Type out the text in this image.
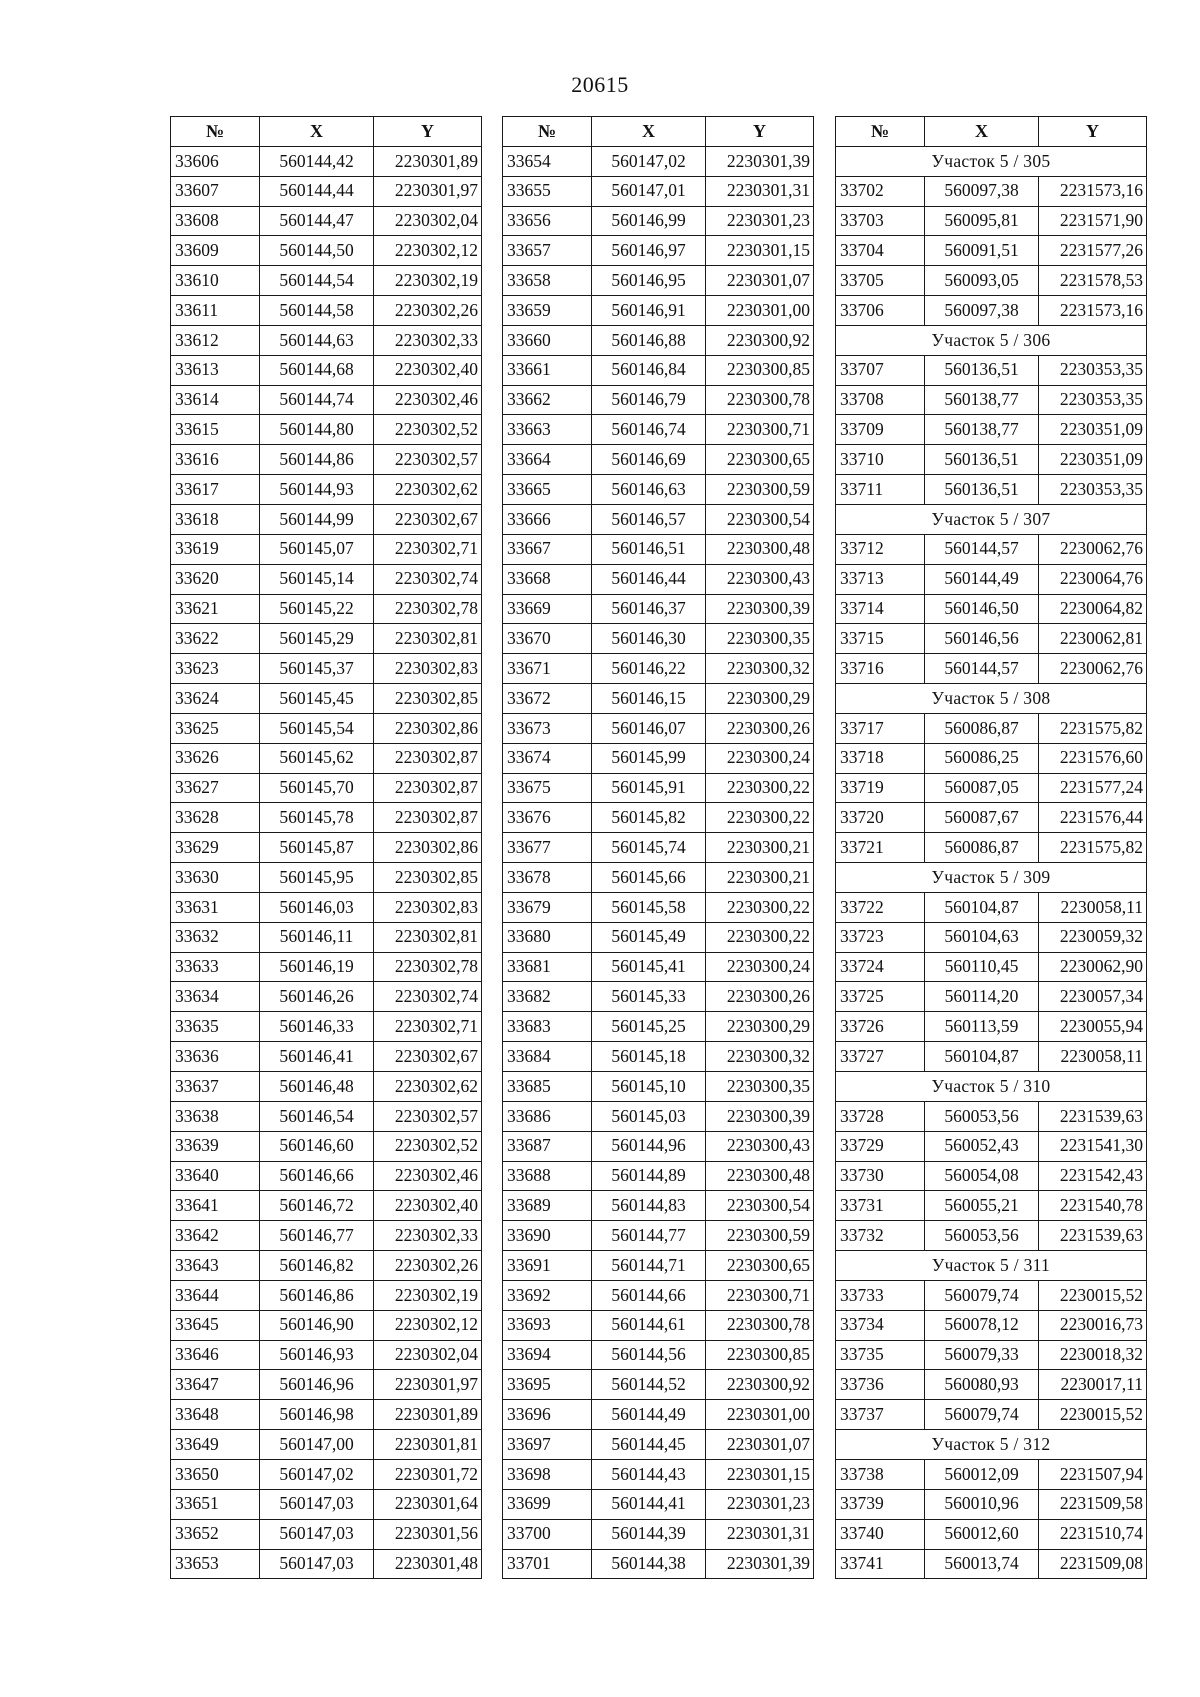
20615
№	X	Y
33606	560144,42	2230301,89
33607	560144,44	2230301,97
33608	560144,47	2230302,04
33609	560144,50	2230302,12
33610	560144,54	2230302,19
33611	560144,58	2230302,26
33612	560144,63	2230302,33
33613	560144,68	2230302,40
33614	560144,74	2230302,46
33615	560144,80	2230302,52
33616	560144,86	2230302,57
33617	560144,93	2230302,62
33618	560144,99	2230302,67
33619	560145,07	2230302,71
33620	560145,14	2230302,74
33621	560145,22	2230302,78
33622	560145,29	2230302,81
33623	560145,37	2230302,83
33624	560145,45	2230302,85
33625	560145,54	2230302,86
33626	560145,62	2230302,87
33627	560145,70	2230302,87
33628	560145,78	2230302,87
33629	560145,87	2230302,86
33630	560145,95	2230302,85
33631	560146,03	2230302,83
33632	560146,11	2230302,81
33633	560146,19	2230302,78
33634	560146,26	2230302,74
33635	560146,33	2230302,71
33636	560146,41	2230302,67
33637	560146,48	2230302,62
33638	560146,54	2230302,57
33639	560146,60	2230302,52
33640	560146,66	2230302,46
33641	560146,72	2230302,40
33642	560146,77	2230302,33
33643	560146,82	2230302,26
33644	560146,86	2230302,19
33645	560146,90	2230302,12
33646	560146,93	2230302,04
33647	560146,96	2230301,97
33648	560146,98	2230301,89
33649	560147,00	2230301,81
33650	560147,02	2230301,72
33651	560147,03	2230301,64
33652	560147,03	2230301,56
33653	560147,03	2230301,48
№	X	Y
33654	560147,02	2230301,39
33655	560147,01	2230301,31
33656	560146,99	2230301,23
33657	560146,97	2230301,15
33658	560146,95	2230301,07
33659	560146,91	2230301,00
33660	560146,88	2230300,92
33661	560146,84	2230300,85
33662	560146,79	2230300,78
33663	560146,74	2230300,71
33664	560146,69	2230300,65
33665	560146,63	2230300,59
33666	560146,57	2230300,54
33667	560146,51	2230300,48
33668	560146,44	2230300,43
33669	560146,37	2230300,39
33670	560146,30	2230300,35
33671	560146,22	2230300,32
33672	560146,15	2230300,29
33673	560146,07	2230300,26
33674	560145,99	2230300,24
33675	560145,91	2230300,22
33676	560145,82	2230300,22
33677	560145,74	2230300,21
33678	560145,66	2230300,21
33679	560145,58	2230300,22
33680	560145,49	2230300,22
33681	560145,41	2230300,24
33682	560145,33	2230300,26
33683	560145,25	2230300,29
33684	560145,18	2230300,32
33685	560145,10	2230300,35
33686	560145,03	2230300,39
33687	560144,96	2230300,43
33688	560144,89	2230300,48
33689	560144,83	2230300,54
33690	560144,77	2230300,59
33691	560144,71	2230300,65
33692	560144,66	2230300,71
33693	560144,61	2230300,78
33694	560144,56	2230300,85
33695	560144,52	2230300,92
33696	560144,49	2230301,00
33697	560144,45	2230301,07
33698	560144,43	2230301,15
33699	560144,41	2230301,23
33700	560144,39	2230301,31
33701	560144,38	2230301,39
№	X	Y
Участок 5 / 305		
33702	560097,38	2231573,16
33703	560095,81	2231571,90
33704	560091,51	2231577,26
33705	560093,05	2231578,53
33706	560097,38	2231573,16
Участок 5 / 306		
33707	560136,51	2230353,35
33708	560138,77	2230353,35
33709	560138,77	2230351,09
33710	560136,51	2230351,09
33711	560136,51	2230353,35
Участок 5 / 307		
33712	560144,57	2230062,76
33713	560144,49	2230064,76
33714	560146,50	2230064,82
33715	560146,56	2230062,81
33716	560144,57	2230062,76
Участок 5 / 308		
33717	560086,87	2231575,82
33718	560086,25	2231576,60
33719	560087,05	2231577,24
33720	560087,67	2231576,44
33721	560086,87	2231575,82
Участок 5 / 309		
33722	560104,87	2230058,11
33723	560104,63	2230059,32
33724	560110,45	2230062,90
33725	560114,20	2230057,34
33726	560113,59	2230055,94
33727	560104,87	2230058,11
Участок 5 / 310		
33728	560053,56	2231539,63
33729	560052,43	2231541,30
33730	560054,08	2231542,43
33731	560055,21	2231540,78
33732	560053,56	2231539,63
Участок 5 / 311		
33733	560079,74	2230015,52
33734	560078,12	2230016,73
33735	560079,33	2230018,32
33736	560080,93	2230017,11
33737	560079,74	2230015,52
Участок 5 / 312		
33738	560012,09	2231507,94
33739	560010,96	2231509,58
33740	560012,60	2231510,74
33741	560013,74	2231509,08
